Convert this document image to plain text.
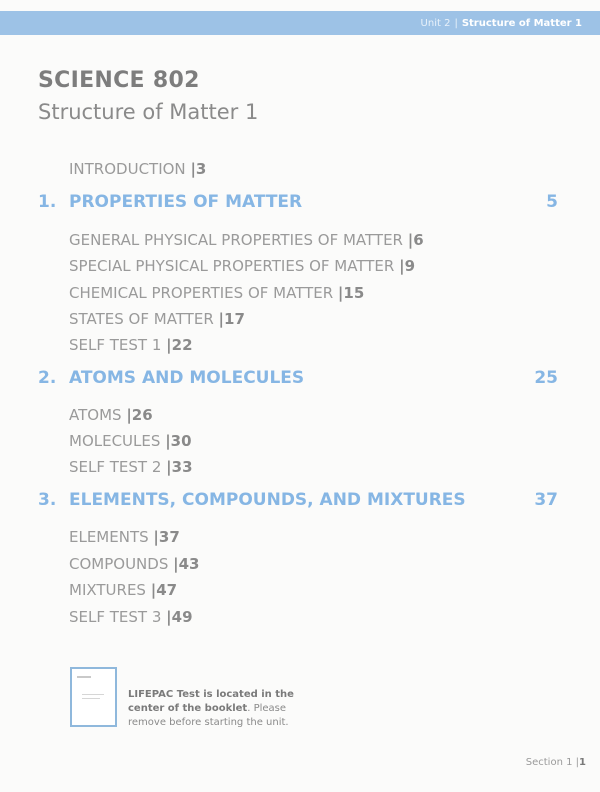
Unit 2 | Structure of Matter 1
SCIENCE 802
Structure of Matter 1
INTRODUCTION |3
1. PROPERTIES OF MATTER	5
GENERAL PHYSICAL PROPERTIES OF MATTER |6
SPECIAL PHYSICAL PROPERTIES OF MATTER |9
CHEMICAL PROPERTIES OF MATTER |15
STATES OF MATTER |17
SELF TEST 1 |22
2. ATOMS AND MOLECULES	25
ATOMS |26
MOLECULES |30
SELF TEST 2 |33
3. ELEMENTS, COMPOUNDS, AND MIXTURES	37
ELEMENTS |37
COMPOUNDS |43
MIXTURES |47
SELF TEST 3 |49
LIFEPAC Test is located in the center of the booklet. Please remove before starting the unit.
Section 1 |1
